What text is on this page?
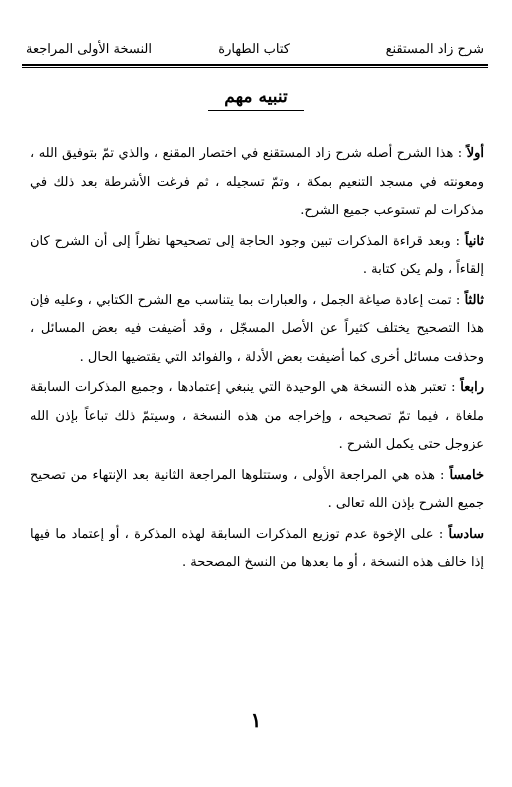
شرح زاد المستقنع
كتاب الطهارة
النسخة الأولى المراجعة
تنبيه مهم

أولاً : هذا الشرح أصله شرح زاد المستقنع في اختصار المقنع ، والذي تمّ بتوفيق الله ، ومعونته في مسجد التنعيم بمكة ، وتمّ تسجيله ، ثم فرغت الأشرطة بعد ذلك في مذكرات لم تستوعب جميع الشرح.

ثانياً : وبعد قراءة المذكرات تبين وجود الحاجة إلى تصحيحها نظراً إلى أن الشرح كان إلقاءاً ، ولم يكن كتابة .

ثالثاً : تمت إعادة صياغة الجمل ، والعبارات بما يتناسب مع الشرح الكتابي ، وعليه فإن هذا التصحيح يختلف كثيراً عن الأصل المسجّل ، وقد أضيفت فيه بعض المسائل ، وحذفت مسائل أخرى كما أضيفت بعض الأدلة ، والفوائد التي يقتضيها الحال .

رابعاً : تعتبر هذه النسخة هي الوحيدة التي ينبغي إعتمادها ، وجميع المذكرات السابقة ملغاة ، فيما تمّ تصحيحه ، وإخراجه من هذه النسخة ، وسيتمّ ذلك تباعاً بإذن الله عزوجل حتى يكمل الشرح .

خامساً : هذه هي المراجعة الأولى ، وستتلوها المراجعة الثانية بعد الإنتهاء من تصحيح جميع الشرح بإذن الله تعالى .

سادساً : على الإخوة عدم توزيع المذكرات السابقة لهذه المذكرة ، أو إعتماد ما فيها إذا خالف هذه النسخة ، أو ما بعدها من النسخ المصححة .

١
